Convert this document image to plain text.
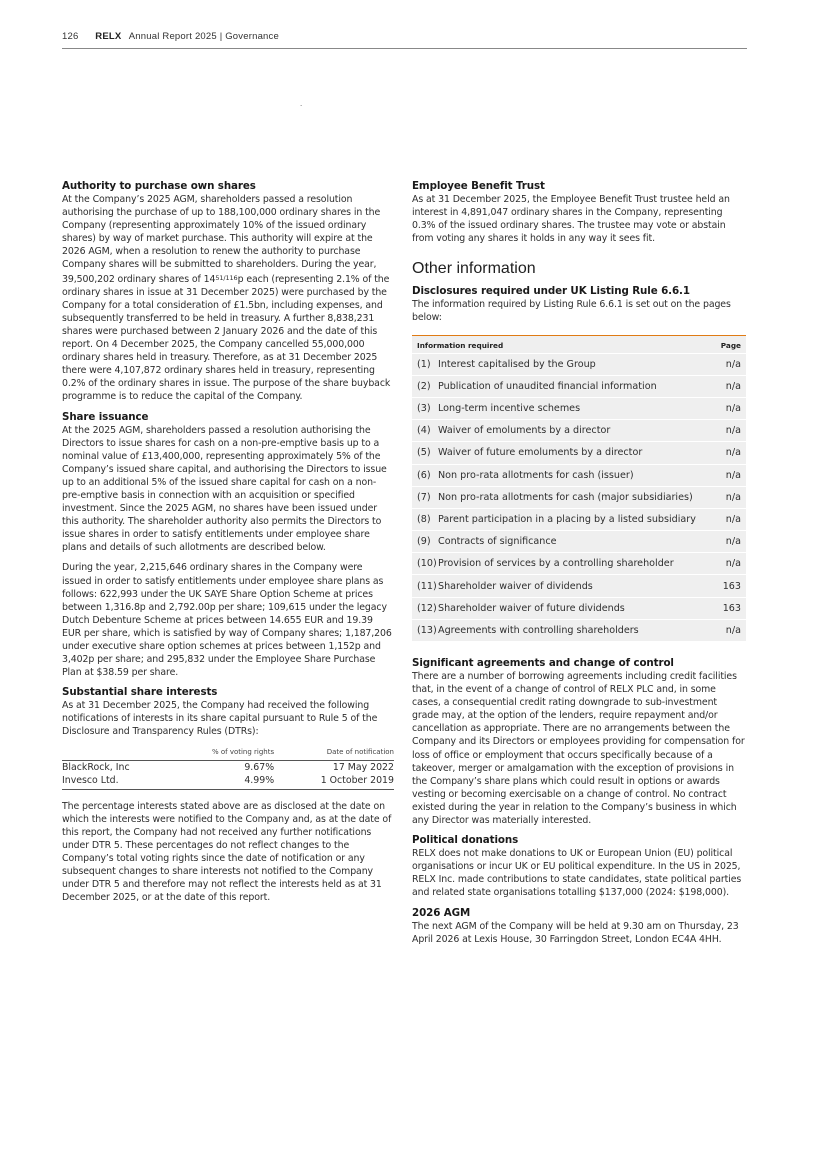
126 RELX Annual Report 2025 | Governance
.

Authority to purchase own shares

At the Company’s 2025 AGM, shareholders passed a resolution authorising the purchase of up to 188,100,000 ordinary shares in the Company (representing approximately 10% of the issued ordinary shares) by way of market purchase. This authority will expire at the 2026 AGM, when a resolution to renew the authority to purchase Company shares will be submitted to shareholders. During the year, 39,500,202 ordinary shares of $14^{51/116}p$ each (representing 2.1% of the ordinary shares in issue at 31 December 2025) were purchased by the Company for a total consideration of £1.5bn, including expenses, and subsequently transferred to be held in treasury. A further 8,838,231 shares were purchased between 2 January 2026 and the date of this report. On 4 December 2025, the Company cancelled 55,000,000 ordinary shares held in treasury. Therefore, as at 31 December 2025 there were 4,107,872 ordinary shares held in treasury, representing 0.2% of the ordinary shares in issue. The purpose of the share buyback programme is to reduce the capital of the Company.

Share issuance

At the 2025 AGM, shareholders passed a resolution authorising the Directors to issue shares for cash on a non-pre-emptive basis up to a nominal value of £13,400,000, representing approximately 5% of the Company’s issued share capital, and authorising the Directors to issue up to an additional 5% of the issued share capital for cash on a non-pre-emptive basis in connection with an acquisition or specified investment. Since the 2025 AGM, no shares have been issued under this authority. The shareholder authority also permits the Directors to issue shares in order to satisfy entitlements under employee share plans and details of such allotments are described below.

During the year, 2,215,646 ordinary shares in the Company were issued in order to satisfy entitlements under employee share plans as follows: 622,993 under the UK SAYE Share Option Scheme at prices between 1,316.8p and 2,792.00p per share; 109,615 under the legacy Dutch Debenture Scheme at prices between 14.655 EUR and 19.39 EUR per share, which is satisfied by way of Company shares; 1,187,206 under executive share option schemes at prices between 1,152p and 3,402p per share; and 295,832 under the Employee Share Purchase Plan at $38.59 per share.

Substantial share interests

As at 31 December 2025, the Company had received the following notifications of interests in its share capital pursuant to Rule 5 of the Disclosure and Transparency Rules (DTRs):

	% of voting rights	Date of notification
BlackRock, Inc	9.67%	17 May 2022
Invesco Ltd.	4.99%	1 October 2019

The percentage interests stated above are as disclosed at the date on which the interests were notified to the Company and, as at the date of this report, the Company had not received any further notifications under DTR 5. These percentages do not reflect changes to the Company’s total voting rights since the date of notification or any subsequent changes to share interests not notified to the Company under DTR 5 and therefore may not reflect the interests held as at 31 December 2025, or at the date of this report.

Employee Benefit Trust

As at 31 December 2025, the Employee Benefit Trust trustee held an interest in 4,891,047 ordinary shares in the Company, representing 0.3% of the issued ordinary shares. The trustee may vote or abstain from voting any shares it holds in any way it sees fit.

Other information

Disclosures required under UK Listing Rule 6.6.1

The information required by Listing Rule 6.6.1 is set out on the pages below:

Information required	Page
(1) Interest capitalised by the Group	n/a
(2) Publication of unaudited financial information	n/a
(3) Long-term incentive schemes	n/a
(4) Waiver of emoluments by a director	n/a
(5) Waiver of future emoluments by a director	n/a
(6) Non pro-rata allotments for cash (issuer)	n/a
(7) Non pro-rata allotments for cash (major subsidiaries)	n/a
(8) Parent participation in a placing by a listed subsidiary	n/a
(9) Contracts of significance	n/a
(10)Provision of services by a controlling shareholder	n/a
(11)Shareholder waiver of dividends	163
(12)Shareholder waiver of future dividends	163
(13)Agreements with controlling shareholders	n/a

Significant agreements and change of control

There are a number of borrowing agreements including credit facilities that, in the event of a change of control of RELX PLC and, in some cases, a consequential credit rating downgrade to sub-investment grade may, at the option of the lenders, require repayment and/or cancellation as appropriate. There are no arrangements between the Company and its Directors or employees providing for compensation for loss of office or employment that occurs specifically because of a takeover, merger or amalgamation with the exception of provisions in the Company’s share plans which could result in options or awards vesting or becoming exercisable on a change of control. No contract existed during the year in relation to the Company’s business in which any Director was materially interested.

Political donations

RELX does not make donations to UK or European Union (EU) political organisations or incur UK or EU political expenditure. In the US in 2025, RELX Inc. made contributions to state candidates, state political parties and related state organisations totalling $137,000 (2024: $198,000).

2026 AGM

The next AGM of the Company will be held at 9.30 am on Thursday, 23 April 2026 at Lexis House, 30 Farringdon Street, London EC4A 4HH.
